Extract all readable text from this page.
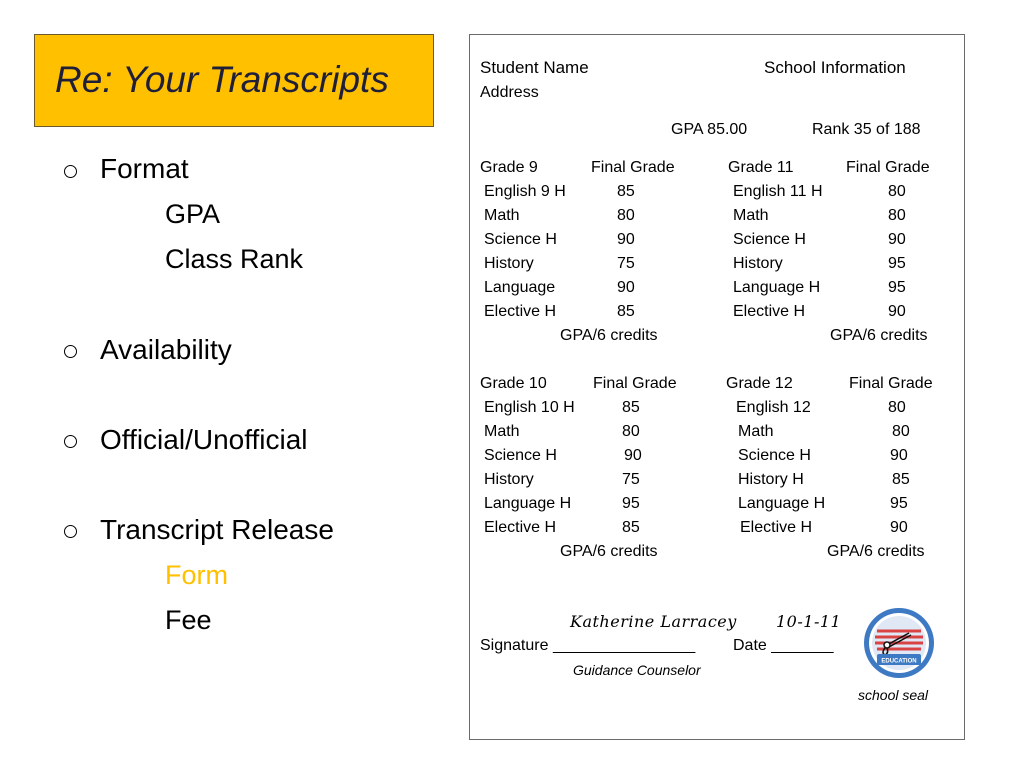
Re: Your Transcripts
Format
GPA
Class Rank
Availability
Official/Unofficial
Transcript Release
Form
Fee
Student Name
Address
School Information
GPA 85.00	Rank 35 of 188
Grade 9	Final Grade
English 9 H	85
Math	80
Science H	90
History	75
Language	90
Elective H	85
GPA/6 credits
Grade 11	Final Grade
English 11 H	80
Math	80
Science H	90
History	95
Language H	95
Elective H	90
GPA/6 credits
Grade 10	Final Grade
English 10 H	85
Math	80
Science H	90
History	75
Language H	95
Elective H	85
GPA/6 credits
Grade 12	Final Grade
English 12	80
Math	80
Science H	90
History H	85
Language H	95
Elective H	90
GPA/6 credits
Katherine Larracey 10-1-11
Signature ________________ Date _______
Guidance Counselor
EDUCATION
school seal
